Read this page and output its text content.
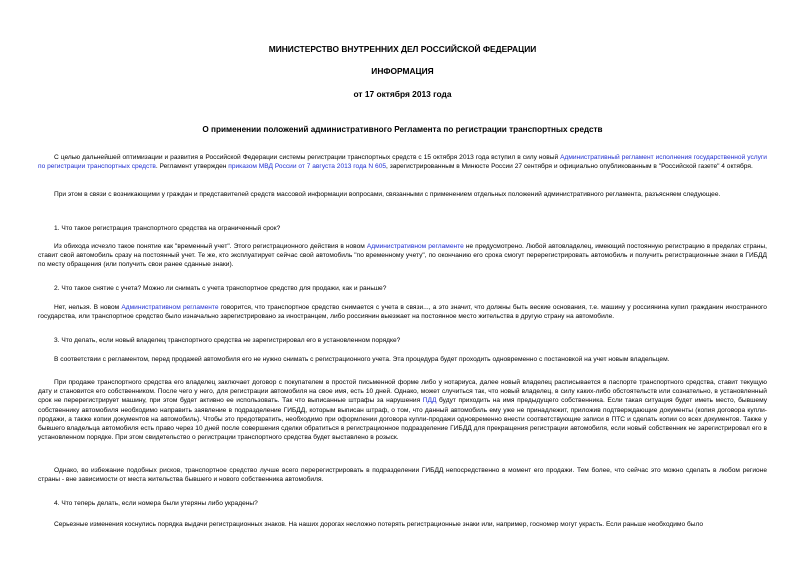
МИНИСТЕРСТВО ВНУТРЕННИХ ДЕЛ РОССИЙСКОЙ ФЕДЕРАЦИИ
ИНФОРМАЦИЯ
от 17 октября 2013 года
О применении положений административного Регламента по регистрации транспортных средств

С целью дальнейшей оптимизации и развития в Российской Федерации системы регистрации транспортных средств с 15 октября 2013 года вступил в силу новый Административный регламент исполнения государственной услуги по регистрации транспортных средств. Регламент утвержден приказом МВД России от 7 августа 2013 года N 605, зарегистрированным в Минюсте России 27 сентября и официально опубликованным в "Российской газете" 4 октября.

При этом в связи с возникающими у граждан и представителей средств массовой информации вопросами, связанными с применением отдельных положений административного регламента, разъясняем следующее.

1. Что такое регистрация транспортного средства на ограниченный срок?

Из обихода исчезло такое понятие как "временный учет". Этого регистрационного действия в новом Административном регламенте не предусмотрено. Любой автовладелец, имеющий постоянную регистрацию в пределах страны, ставит свой автомобиль сразу на постоянный учет. Те же, кто эксплуатирует сейчас свой автомобиль "по временному учету", по окончанию его срока смогут перерегистрировать автомобиль и получить регистрационные знаки в ГИБДД по месту обращения (или получить свои ранее сданные знаки).

2. Что такое снятие с учета? Можно ли снимать с учета транспортное средство для продажи, как и раньше?

Нет, нельзя. В новом Административном регламенте говорится, что транспортное средство снимается с учета в связи..., а это значит, что должны быть веские основания, т.е. машину у россиянина купил гражданин иностранного государства, или транспортное средство было изначально зарегистрировано за иностранцем, либо россиянин выезжает на постоянное место жительства в другую страну на автомобиле.

3. Что делать, если новый владелец транспортного средства не зарегистрировал его в установленном порядке?

В соответствии с регламентом, перед продажей автомобиля его не нужно снимать с регистрационного учета. Эта процедура будет проходить одновременно с постановкой на учет новым владельцем.

При продаже транспортного средства его владелец заключает договор с покупателем в простой письменной форме либо у нотариуса, далее новый владелец расписывается в паспорте транспортного средства, ставит текущую дату и становится его собственником. После чего у него, для регистрации автомобиля на свое имя, есть 10 дней. Однако, может случиться так, что новый владелец, в силу каких-либо обстоятельств или сознательно, в установленный срок не перерегистрирует машину, при этом будет активно ее использовать. Так что выписанные штрафы за нарушения ПДД будут приходить на имя предыдущего собственника. Если такая ситуация будет иметь место, бывшему собственнику автомобиля необходимо направить заявление в подразделение ГИБДД, которым выписан штраф, о том, что данный автомобиль ему уже не принадлежит, приложив подтверждающие документы (копия договора купли-продажи, а также копии документов на автомобиль). Чтобы это предотвратить, необходимо при оформлении договора купли-продажи одновременно внести соответствующие записи в ПТС и сделать копии со всех документов. Также у бывшего владельца автомобиля есть право через 10 дней после совершения сделки обратиться в регистрационное подразделение ГИБДД для прекращения регистрации автомобиля, если новый собственник не зарегистрировал его в установленном порядке. При этом свидетельство о регистрации транспортного средства будет выставлено в розыск.

Однако, во избежание подобных рисков, транспортное средство лучше всего перерегистрировать в подразделении ГИБДД непосредственно в момент его продажи. Тем более, что сейчас это можно сделать в любом регионе страны - вне зависимости от места жительства бывшего и нового собственника автомобиля.

4. Что теперь делать, если номера были утеряны либо украдены?

Серьезные изменения коснулись порядка выдачи регистрационных знаков. На наших дорогах несложно потерять регистрационные знаки или, например, госномер могут украсть. Если раньше необходимо было
